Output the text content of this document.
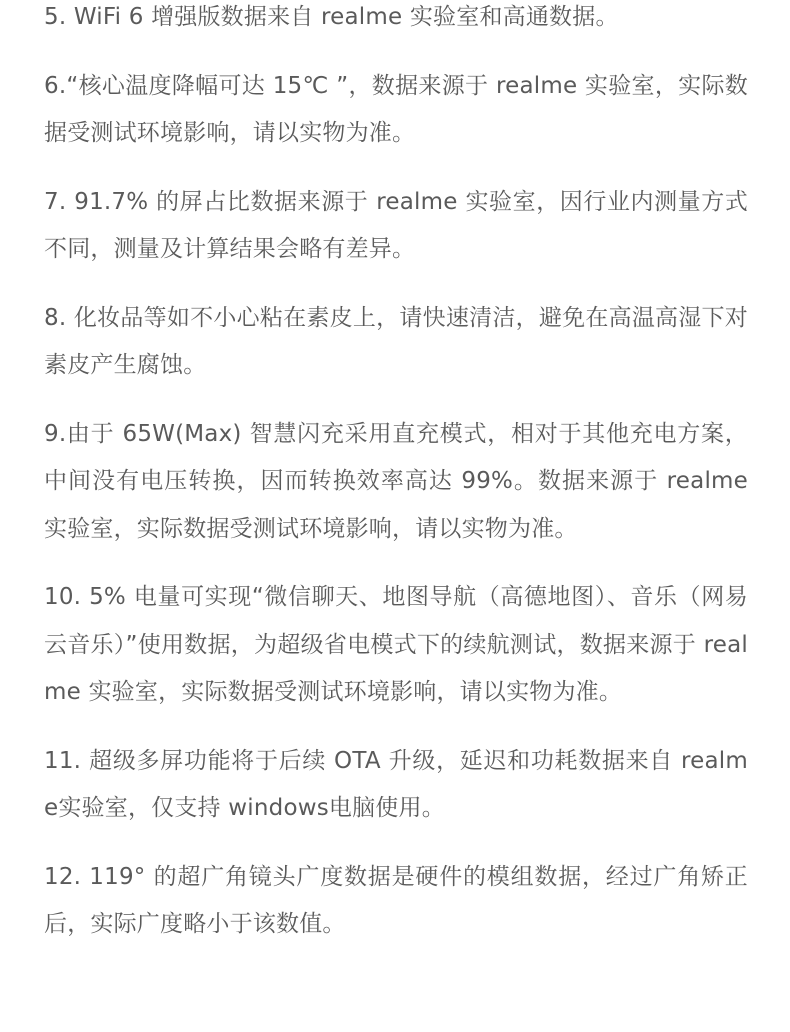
5. WiFi 6 增强版数据来自 realme 实验室和高通数据。

6.“核心温度降幅可达 15℃ ”，数据来源于 realme 实验室，实际数据受测试环境影响，请以实物为准。

7. 91.7% 的屏占比数据来源于 realme 实验室，因行业内测量方式不同，测量及计算结果会略有差异。

8. 化妆品等如不小心粘在素皮上，请快速清洁，避免在高温高湿下对素皮产生腐蚀。

9.由于 65W(Max) 智慧闪充采用直充模式，相对于其他充电方案，中间没有电压转换，因而转换效率高达 99%。数据来源于 realme 实验室，实际数据受测试环境影响，请以实物为准。

10. 5% 电量可实现“微信聊天、地图导航（高德地图）、音乐（网易云音乐）”使用数据，为超级省电模式下的续航测试，数据来源于 realme 实验室，实际数据受测试环境影响，请以实物为准。

11. 超级多屏功能将于后续 OTA 升级，延迟和功耗数据来自 realme实验室，仅支持 windows电脑使用。

12. 119° 的超广角镜头广度数据是硬件的模组数据，经过广角矫正后，实际广度略小于该数值。
